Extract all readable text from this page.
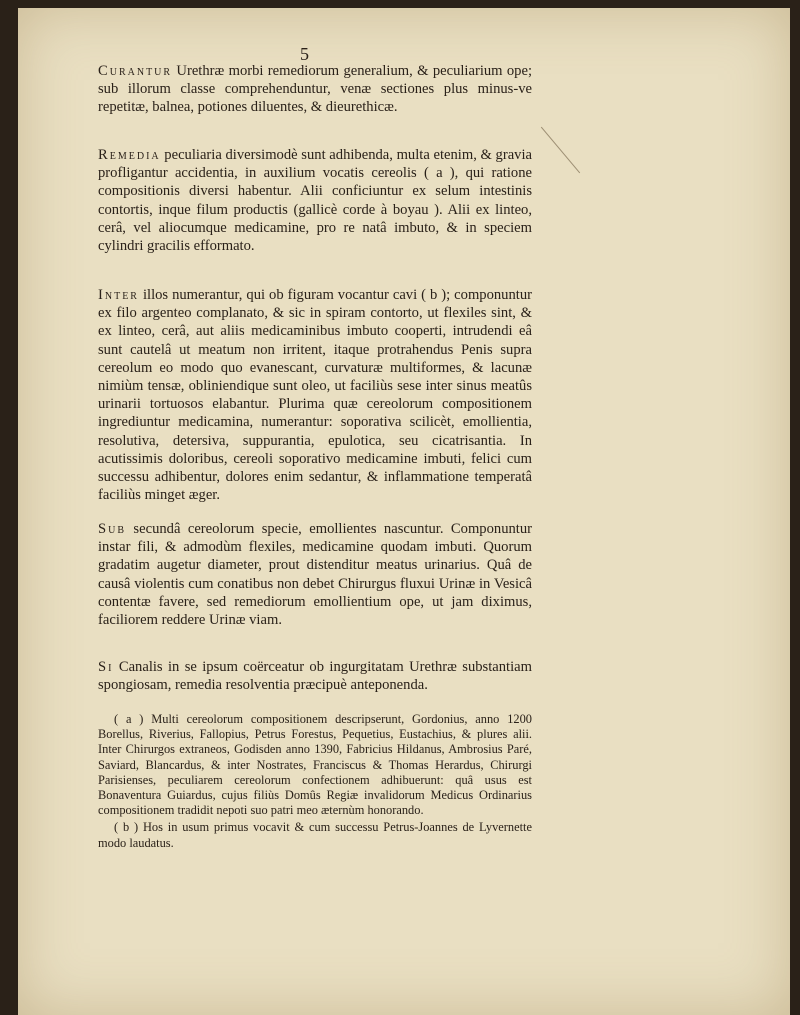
5

Curantur Urethræ morbi remediorum generalium, & peculiarium ope; sub illorum classe comprehenduntur, venæ sectiones plus minus-ve repetitæ, balnea, potiones diluentes, & dieurethicæ.

Remedia peculiaria diversimodè sunt adhibenda, multa etenim, & gravia profligantur accidentia, in auxilium vocatis cereolis ( a ), qui ratione compositionis diversi habentur. Alii conficiuntur ex selum intestinis contortis, inque filum productis (gallicè corde à boyau ). Alii ex linteo, cerâ, vel aliocumque medicamine, pro re natâ imbuto, & in speciem cylindri gracilis efformato.

Inter illos numerantur, qui ob figuram vocantur cavi ( b ); componuntur ex filo argenteo complanato, & sic in spiram contorto, ut flexiles sint, & ex linteo, cerâ, aut aliis medicaminibus imbuto cooperti, intrudendi eâ sunt cautelâ ut meatum non irritent, itaque protrahendus Penis supra cereolum eo modo quo evanescant, curvaturæ multiformes, & lacunæ nimiùm tensæ, obliniendique sunt oleo, ut faciliùs sese inter sinus meatûs urinarii tortuosos elabantur. Plurima quæ cereolorum compositionem ingrediuntur medicamina, numerantur: soporativa scilicèt, emollientia, resolutiva, detersiva, suppurantia, epulotica, seu cicatrisantia. In acutissimis doloribus, cereoli soporativo medicamine imbuti, felici cum successu adhibentur, dolores enim sedantur, & inflammatione temperatâ faciliùs minget æger.

Sub secundâ cereolorum specie, emollientes nascuntur. Componuntur instar fili, & admodùm flexiles, medicamine quodam imbuti. Quorum gradatim augetur diameter, prout distenditur meatus urinarius. Quâ de causâ violentis cum conatibus non debet Chirurgus fluxui Urinæ in Vesicâ contentæ favere, sed remediorum emollientium ope, ut jam diximus, faciliorem reddere Urinæ viam.

Si Canalis in se ipsum coërceatur ob ingurgitatam Urethræ substantiam spongiosam, remedia resolventia præcipuè anteponenda.

( a ) Multi cereolorum compositionem descripserunt, Gordonius, anno 1200 Borellus, Riverius, Fallopius, Petrus Forestus, Pequetius, Eustachius, & plures alii. Inter Chirurgos extraneos, Godisden anno 1390, Fabricius Hildanus, Ambrosius Paré, Saviard, Blancardus, & inter Nostrates, Franciscus & Thomas Herardus, Chirurgi Parisienses, peculiarem cereolorum confectionem adhibuerunt: quâ usus est Bonaventura Guiardus, cujus filiùs Domûs Regiæ invalidorum Medicus Ordinarius compositionem tradidit nepoti suo patri meo æternùm honorando.

( b ) Hos in usum primus vocavit & cum successu Petrus-Joannes de Lyvernette modo laudatus.
